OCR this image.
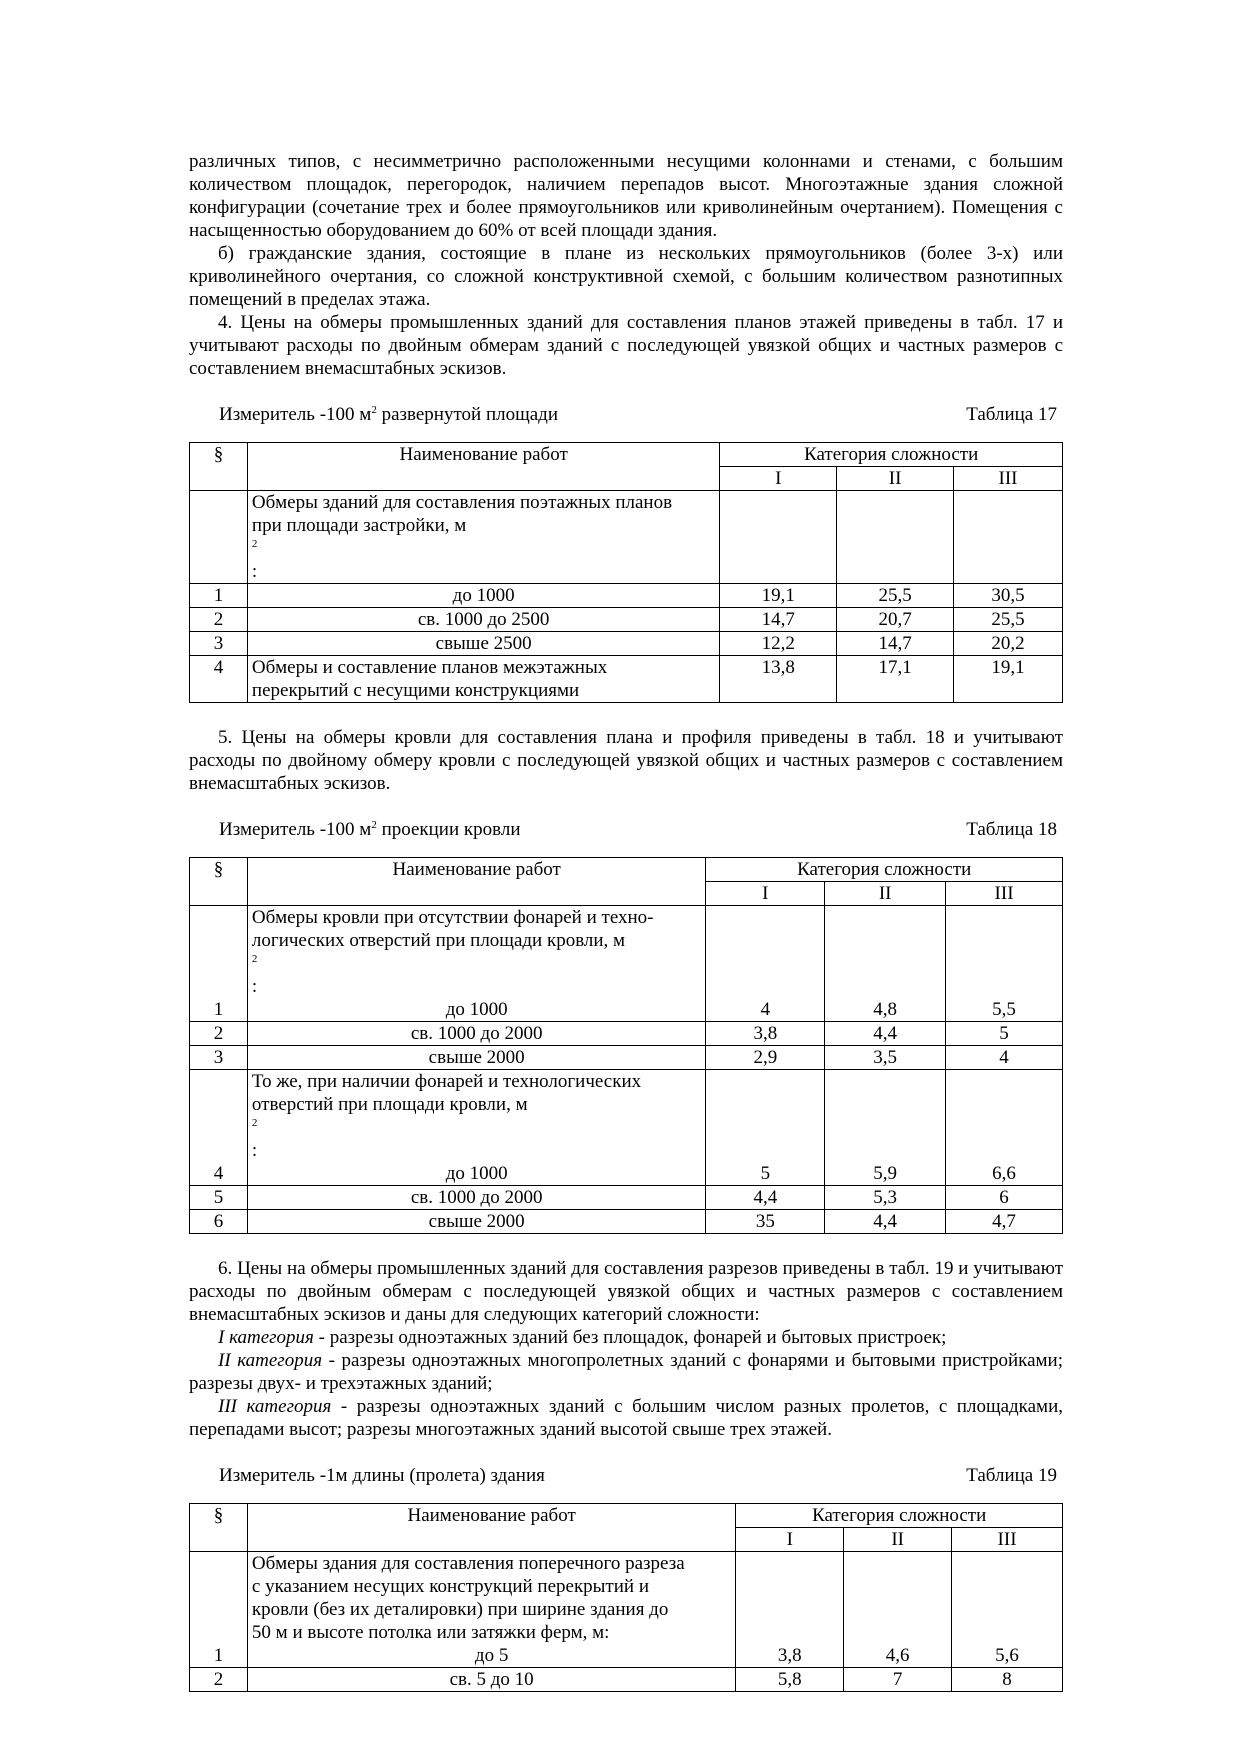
различных типов, с несимметрично расположенными несущими колоннами и стенами, с большим количеством площадок, перегородок, наличием перепадов высот. Многоэтажные здания сложной конфигурации (сочетание трех и более прямоугольников или криволинейным очертанием). Помещения с насыщенностью оборудованием до 60% от всей площади здания.

б) гражданские здания, состоящие в плане из нескольких прямоугольников (более 3-х) или криволинейного очертания, со сложной конструктивной схемой, с большим количеством разнотипных помещений в пределах этажа.

4. Цены на обмеры промышленных зданий для составления планов этажей приведены в табл. 17 и учитывают расходы по двойным обмерам зданий с последующей увязкой общих и частных размеров с составлением внемасштабных эскизов.

Измеритель -100 $м^2$ развернутой площади	Таблица 17
§	Наименование работ	Категория сложности		
		I	II	III

	Обмеры зданий для составления поэтажных планов
при площади застройки, м
$^2$
:			

1	до 1000	19,1	25,5	30,5
2	св. 1000 до 2500	14,7	20,7	25,5
3	свыше 2500	12,2	14,7	20,2
4	Обмеры и составление планов межэтажных
перекрытий с несущими конструкциями	13,8	17,1	19,1

5. Цены на обмеры кровли для составления плана и профиля приведены в табл. 18 и учитывают расходы по двойному обмеру кровли с последующей увязкой общих и частных размеров с составлением внемасштабных эскизов.

Измеритель -100 $м^2$ проекции кровли	Таблица 18
§	Наименование работ	Категория сложности		
		I	II	III
1	Обмеры кровли при отсутствии фонарей и техно-
логических отверстий при площади кровли, м
$^2$
:
до 1000	4	4,8	5,5
2	св. 1000 до 2000	3,8	4,4	5
3	свыше 2000	2,9	3,5	4
4	То же, при наличии фонарей и технологических
отверстий при площади кровли, м
$^2$
:
до 1000	5	5,9	6,6
5	св. 1000 до 2000	4,4	5,3	6
6	свыше 2000	35	4,4	4,7

6. Цены на обмеры промышленных зданий для составления разрезов приведены в табл. 19 и учитывают расходы по двойным обмерам с последующей увязкой общих и частных размеров с составлением внемасштабных эскизов и даны для следующих категорий сложности:

I категория - разрезы одноэтажных зданий без площадок, фонарей и бытовых пристроек;

II категория - разрезы одноэтажных многопролетных зданий с фонарями и бытовыми пристройками; разрезы двух- и трехэтажных зданий;

III категория - разрезы одноэтажных зданий с большим числом разных пролетов, с площадками, перепадами высот; разрезы многоэтажных зданий высотой свыше трех этажей.

Измеритель -1м длины (пролета) здания	Таблица 19
§	Наименование работ	Категория сложности		
		I	II	III
1	Обмеры здания для составления поперечного разреза
с указанием несущих конструкций перекрытий и
кровли (без их деталировки) при ширине здания до
50 м и высоте потолка или затяжки ферм, м:
до 5	3,8	4,6	5,6
2	св. 5 до 10	5,8	7	8
